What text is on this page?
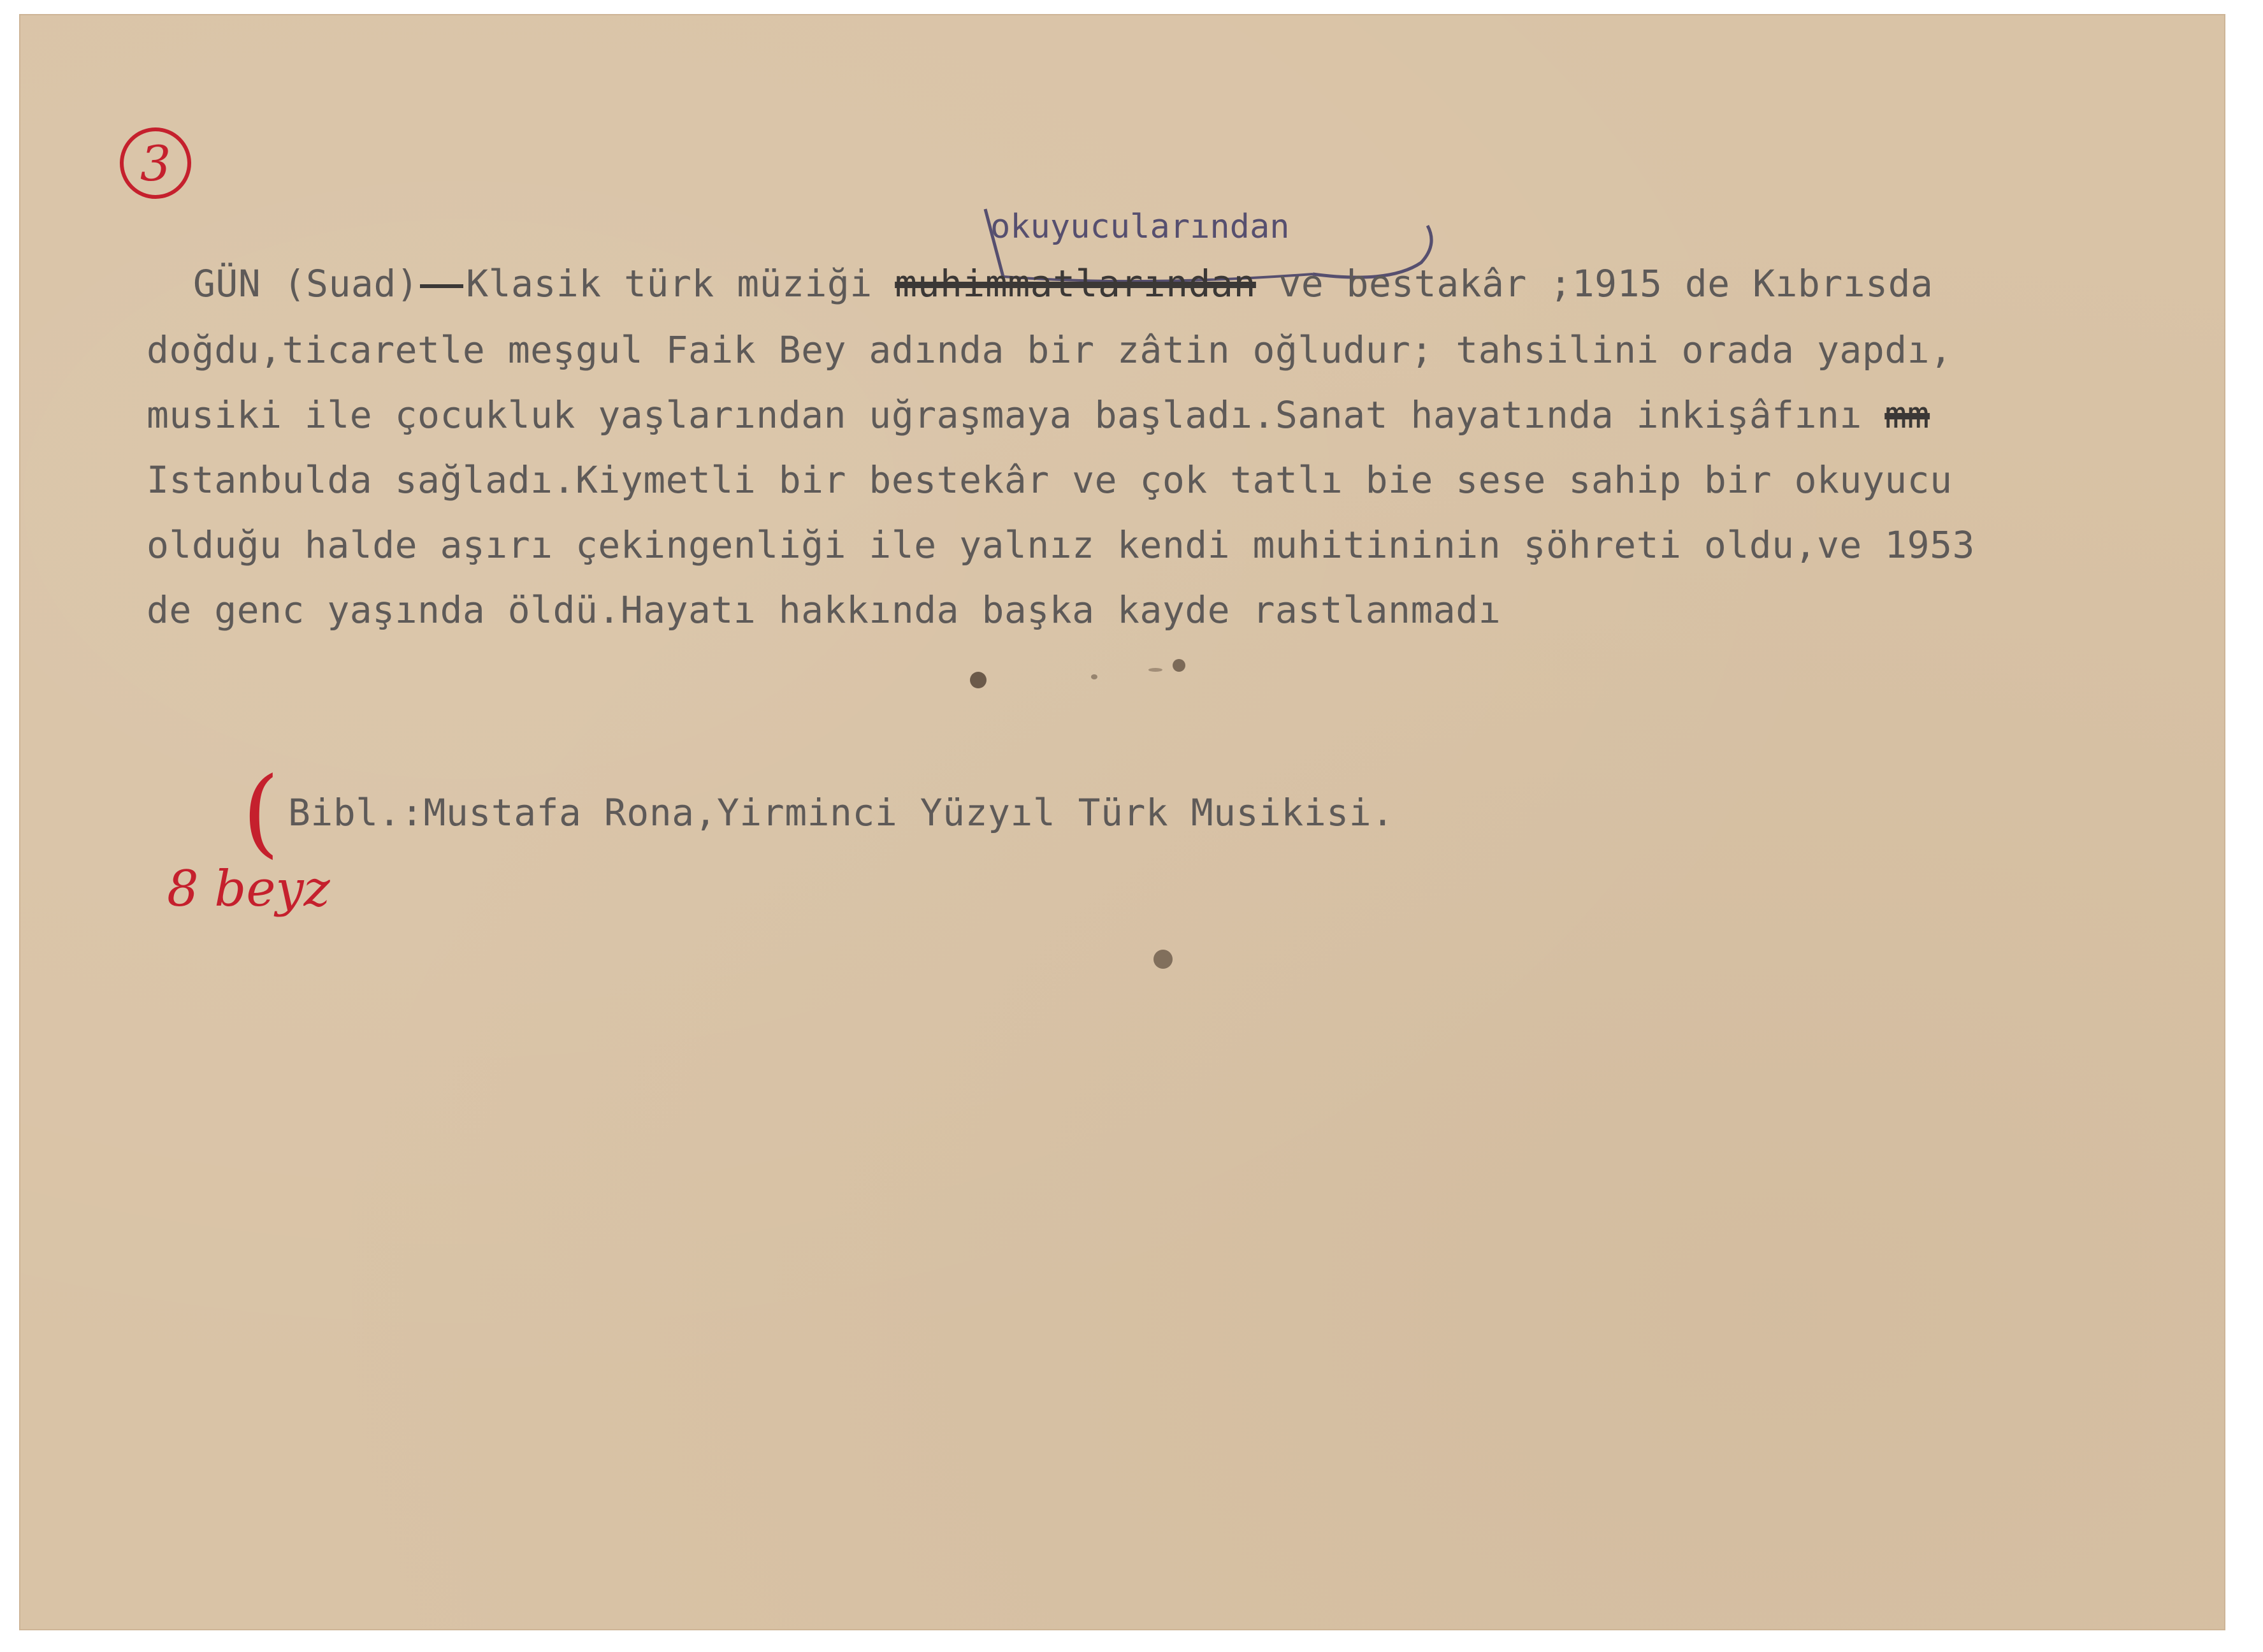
3
okuyucularından
GÜN (Suad) Klasik türk müziği muhimmatlarından ve bestakâr ;1915 de Kıbrısda
doğdu,ticaretle meşgul Faik Bey adında bir zâtin oğludur; tahsilini orada yapdı,
musiki ile çocukluk yaşlarından uğraşmaya başladı.Sanat hayatında inkişâfını mm
Istanbulda sağladı.Kiymetli bir bestekâr ve çok tatlı bie sese sahip bir okuyucu
olduğu halde aşırı çekingenliği ile yalnız kendi muhitininin şöhreti oldu,ve 1953
de genc yaşında öldü.Hayatı hakkında başka kayde rastlanmadı
( Bibl.:Mustafa Rona,Yirminci Yüzyıl Türk Musikisi.
8 beyz
